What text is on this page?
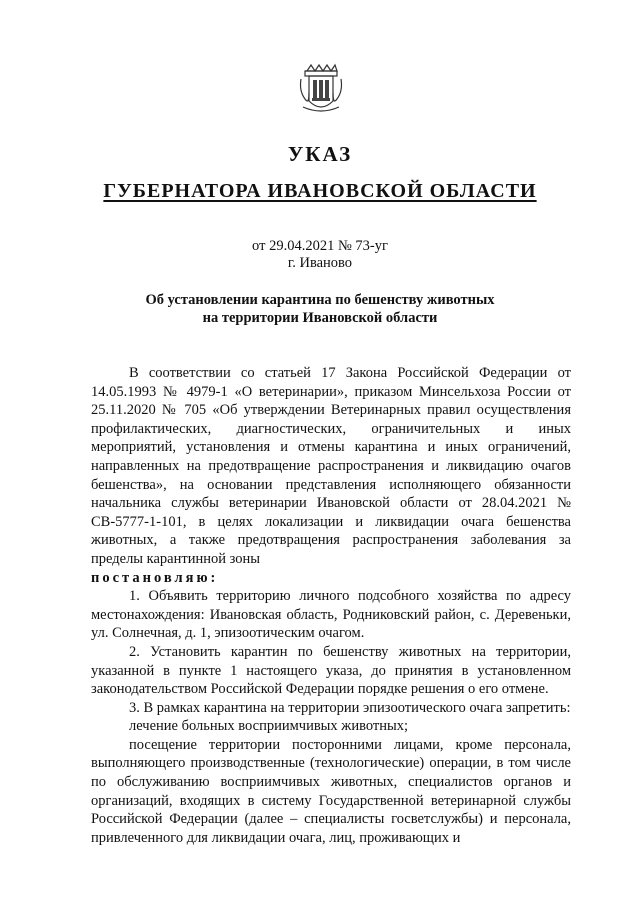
УКАЗ
ГУБЕРНАТОРА ИВАНОВСКОЙ ОБЛАСТИ
от 29.04.2021 № 73-уг
г. Иваново
Об установлении карантина по бешенству животных
на территории Ивановской области

В соответствии со статьей 17 Закона Российской Федерации от 14.05.1993 № 4979-1 «О ветеринарии», приказом Минсельхоза России от 25.11.2020 № 705 «Об утверждении Ветеринарных правил осуществления профилактических, диагностических, ограничительных и иных мероприятий, установления и отмены карантина и иных ограничений, направленных на предотвращение распространения и ликвидацию очагов бешенства», на основании представления исполняющего обязанности начальника службы ветеринарии Ивановской области от 28.04.2021 № СВ-5777-1-101, в целях локализации и ликвидации очага бешенства животных, а также предотвращения распространения заболевания за пределы карантинной зоны

постановляю:

1. Объявить территорию личного подсобного хозяйства по адресу местонахождения: Ивановская область, Родниковский район, с. Деревеньки, ул. Солнечная, д. 1, эпизоотическим очагом.

2. Установить карантин по бешенству животных на территории, указанной в пункте 1 настоящего указа, до принятия в установленном законодательством Российской Федерации порядке решения о его отмене.

3. В рамках карантина на территории эпизоотического очага запретить:

лечение больных восприимчивых животных;

посещение территории посторонними лицами, кроме персонала, выполняющего производственные (технологические) операции, в том числе по обслуживанию восприимчивых животных, специалистов органов и организаций, входящих в систему Государственной ветеринарной службы Российской Федерации (далее – специалисты госветслужбы) и персонала, привлеченного для ликвидации очага, лиц, проживающих и
